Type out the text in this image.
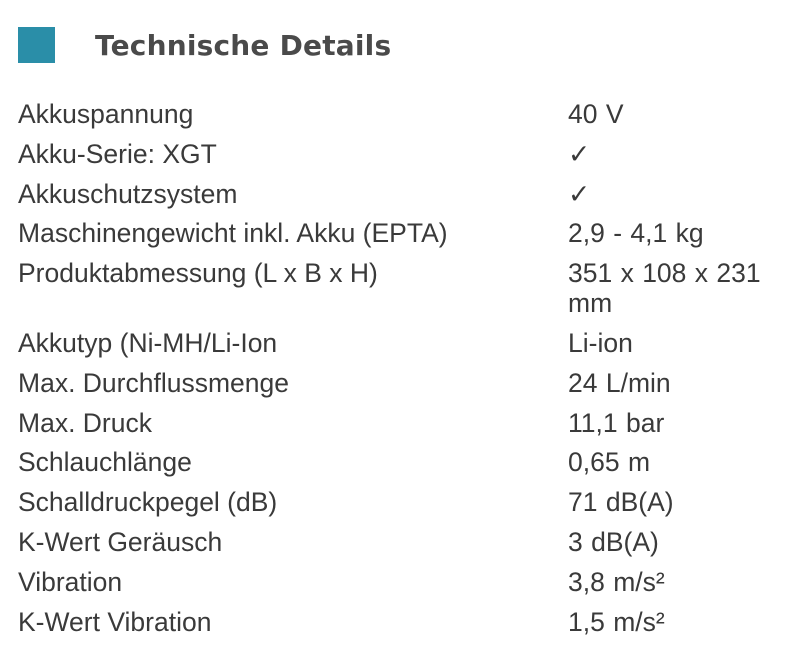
Technische Details
Akkuspannung	40 V
Akku-Serie: XGT	✓
Akkuschutzsystem	✓
Maschinengewicht inkl. Akku (EPTA)	2,9 - 4,1 kg
Produktabmessung (L x B x H)	351 x 108 x 231 mm
Akkutyp (Ni-MH/Li-Ion	Li-ion
Max. Durchflussmenge	24 L/min
Max. Druck	11,1 bar
Schlauchlänge	0,65 m
Schalldruckpegel (dB)	71 dB(A)
K-Wert Geräusch	3 dB(A)
Vibration	3,8 m/s²
K-Wert Vibration	1,5 m/s²
